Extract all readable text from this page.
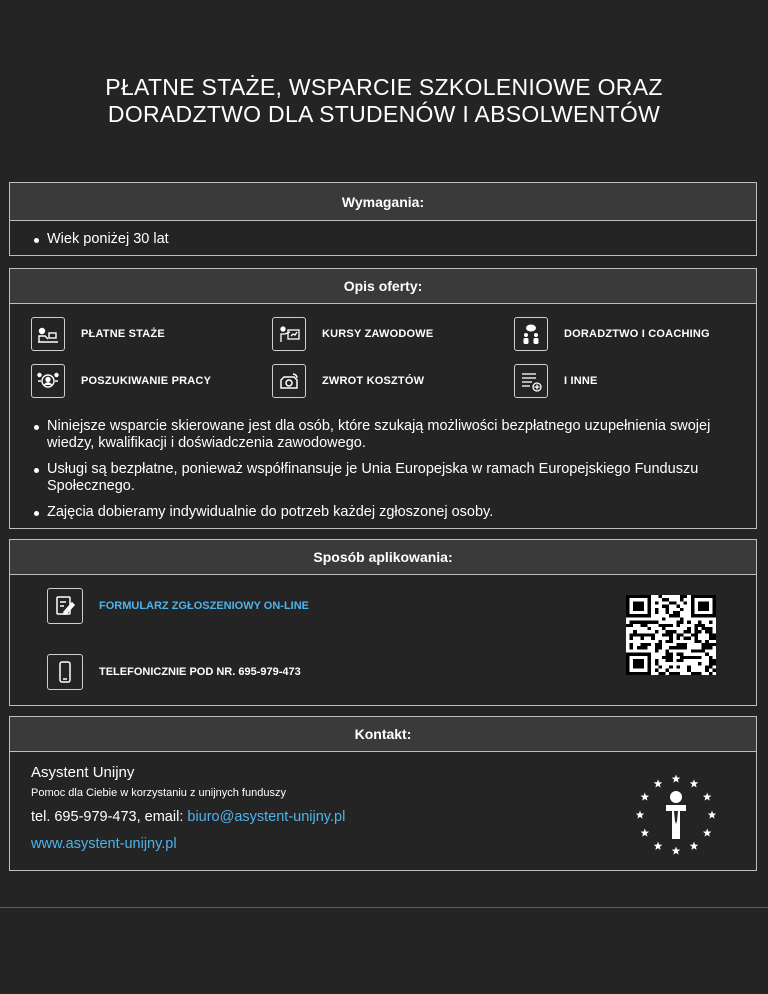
PŁATNE STAŻE, WSPARCIE SZKOLENIOWE ORAZ
DORADZTWO DLA STUDENÓW I ABSOLWENTÓW
Wymagania:
Wiek poniżej 30 lat
Opis oferty:
PŁATNE STAŻE	KURSY ZAWODOWE	DORADZTWO I COACHING
POSZUKIWANIE PRACY	ZWROT KOSZTÓW	I INNE
Niniejsze wsparcie skierowane jest dla osób, które szukają możliwości bezpłatnego uzupełnienia swojej wiedzy, kwalifikacji i doświadczenia zawodowego.
Usługi są bezpłatne, ponieważ współfinansuje je Unia Europejska w ramach Europejskiego Funduszu Społecznego.
Zajęcia dobieramy indywidualnie do potrzeb każdej zgłoszonej osoby.
Sposób aplikowania:
FORMULARZ ZGŁOSZENIOWY ON-LINE
TELEFONICZNIE POD NR. 695-979-473
Kontakt:
Asystent Unijny
Pomoc dla Ciebie w korzystaniu z unijnych funduszy
tel. 695-979-473, email: biuro@asystent-unijny.pl
www.asystent-unijny.pl
